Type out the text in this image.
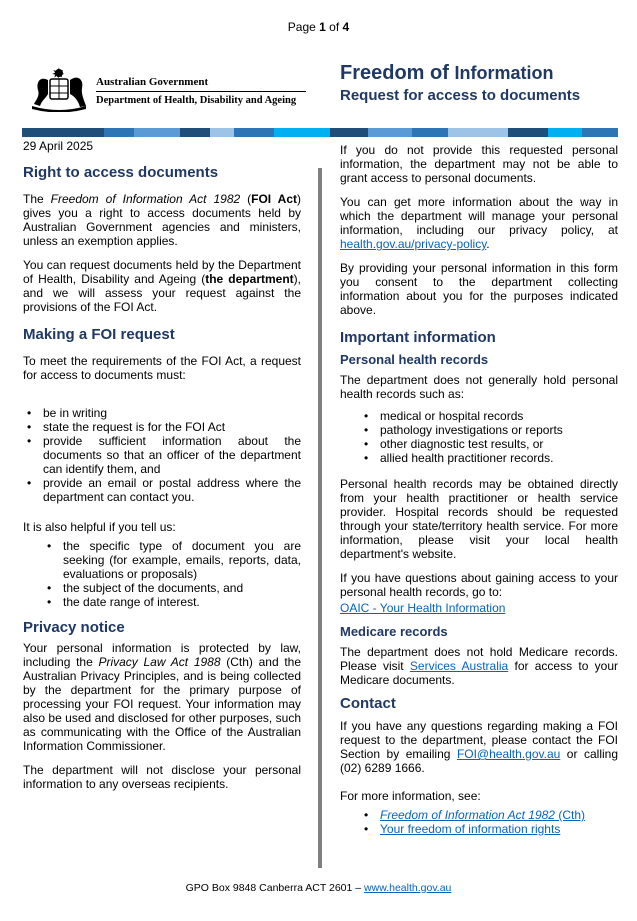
Page 1 of 4
Australian Government
Department of Health, Disability and Ageing
Freedom of Information
Request for access to documents
29 April 2025
Right to access documents

The Freedom of Information Act 1982 (FOI Act) gives you a right to access documents held by Australian Government agencies and ministers, unless an exemption applies.

You can request documents held by the Department of Health, Disability and Ageing (the department), and we will assess your request against the provisions of the FOI Act.

Making a FOI request

To meet the requirements of the FOI Act, a request for access to documents must:

• be in writing
• state the request is for the FOI Act
• provide sufficient information about the documents so that an officer of the department can identify them, and
• provide an email or postal address where the department can contact you.

It is also helpful if you tell us:

• the specific type of document you are seeking (for example, emails, reports, data, evaluations or proposals)
• the subject of the documents, and
• the date range of interest.
Privacy notice

Your personal information is protected by law, including the Privacy Law Act 1988 (Cth) and the Australian Privacy Principles, and is being collected by the department for the primary purpose of processing your FOI request. Your information may also be used and disclosed for other purposes, such as communicating with the Office of the Australian Information Commissioner.

The department will not disclose your personal information to any overseas recipients.

If you do not provide this requested personal information, the department may not be able to grant access to personal documents.

You can get more information about the way in which the department will manage your personal information, including our privacy policy, at health.gov.au/privacy-policy.

By providing your personal information in this form you consent to the department collecting information about you for the purposes indicated above.

Important information
Personal health records

The department does not generally hold personal health records such as:

• medical or hospital records
• pathology investigations or reports
• other diagnostic test results, or
• allied health practitioner records.

Personal health records may be obtained directly from your health practitioner or health service provider. Hospital records should be requested through your state/territory health service. For more information, please visit your local health department's website.

If you have questions about gaining access to your personal health records, go to:

OAIC - Your Health Information
Medicare records

The department does not hold Medicare records. Please visit Services Australia for access to your Medicare documents.

Contact

If you have any questions regarding making a FOI request to the department, please contact the FOI Section by emailing FOI@health.gov.au or calling (02) 6289 1666.

For more information, see:

• Freedom of Information Act 1982 (Cth)
• Your freedom of information rights
GPO Box 9848 Canberra ACT 2601 – www.health.gov.au
